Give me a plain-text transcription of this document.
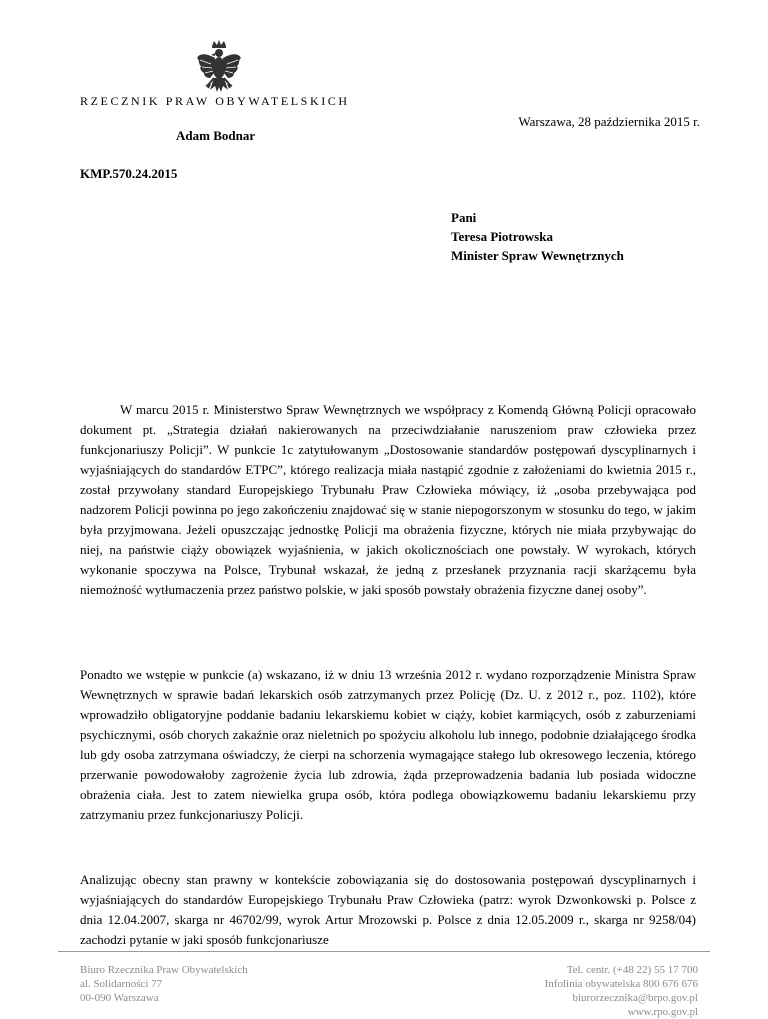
RZECZNIK PRAW OBYWATELSKICH
Warszawa, 28 października 2015 r.
Adam Bodnar
KMP.570.24.2015
Pani
Teresa Piotrowska
Minister Spraw Wewnętrznych

W marcu 2015 r. Ministerstwo Spraw Wewnętrznych we współpracy z Komendą Główną Policji opracowało dokument pt. „Strategia działań nakierowanych na przeciwdziałanie naruszeniom praw człowieka przez funkcjonariuszy Policji”. W punkcie 1c zatytułowanym „Dostosowanie standardów postępowań dyscyplinarnych i wyjaśniających do standardów ETPC”, którego realizacja miała nastąpić zgodnie z założeniami do kwietnia 2015 r., został przywołany standard Europejskiego Trybunału Praw Człowieka mówiący, iż „osoba przebywająca pod nadzorem Policji powinna po jego zakończeniu znajdować się w stanie niepogorszonym w stosunku do tego, w jakim była przyjmowana. Jeżeli opuszczając jednostkę Policji ma obrażenia fizyczne, których nie miała przybywając do niej, na państwie ciąży obowiązek wyjaśnienia, w jakich okolicznościach one powstały. W wyrokach, których wykonanie spoczywa na Polsce, Trybunał wskazał, że jedną z przesłanek przyznania racji skarżącemu była niemożność wytłumaczenia przez państwo polskie, w jaki sposób powstały obrażenia fizyczne danej osoby”.

Ponadto we wstępie w punkcie (a) wskazano, iż w dniu 13 września 2012 r. wydano rozporządzenie Ministra Spraw Wewnętrznych w sprawie badań lekarskich osób zatrzymanych przez Policję (Dz. U. z 2012 r., poz. 1102), które wprowadziło obligatoryjne poddanie badaniu lekarskiemu kobiet w ciąży, kobiet karmiących, osób z zaburzeniami psychicznymi, osób chorych zakaźnie oraz nieletnich po spożyciu alkoholu lub innego, podobnie działającego środka lub gdy osoba zatrzymana oświadczy, że cierpi na schorzenia wymagające stałego lub okresowego leczenia, którego przerwanie powodowałoby zagrożenie życia lub zdrowia, żąda przeprowadzenia badania lub posiada widoczne obrażenia ciała. Jest to zatem niewielka grupa osób, która podlega obowiązkowemu badaniu lekarskiemu przy zatrzymaniu przez funkcjonariuszy Policji.

Analizując obecny stan prawny w kontekście zobowiązania się do dostosowania postępowań dyscyplinarnych i wyjaśniających do standardów Europejskiego Trybunału Praw Człowieka (patrz: wyrok Dzwonkowski p. Polsce z dnia 12.04.2007, skarga nr 46702/99, wyrok Artur Mrozowski p. Polsce z dnia 12.05.2009 r., skarga nr 9258/04) zachodzi pytanie w jaki sposób funkcjonariusze

Biuro Rzecznika Praw Obywatelskich
al. Solidarności 77
00-090 Warszawa
Tel. centr. (+48 22) 55 17 700
Infolinia obywatelska 800 676 676
biurorzecznika@brpo.gov.pl
www.rpo.gov.pl
